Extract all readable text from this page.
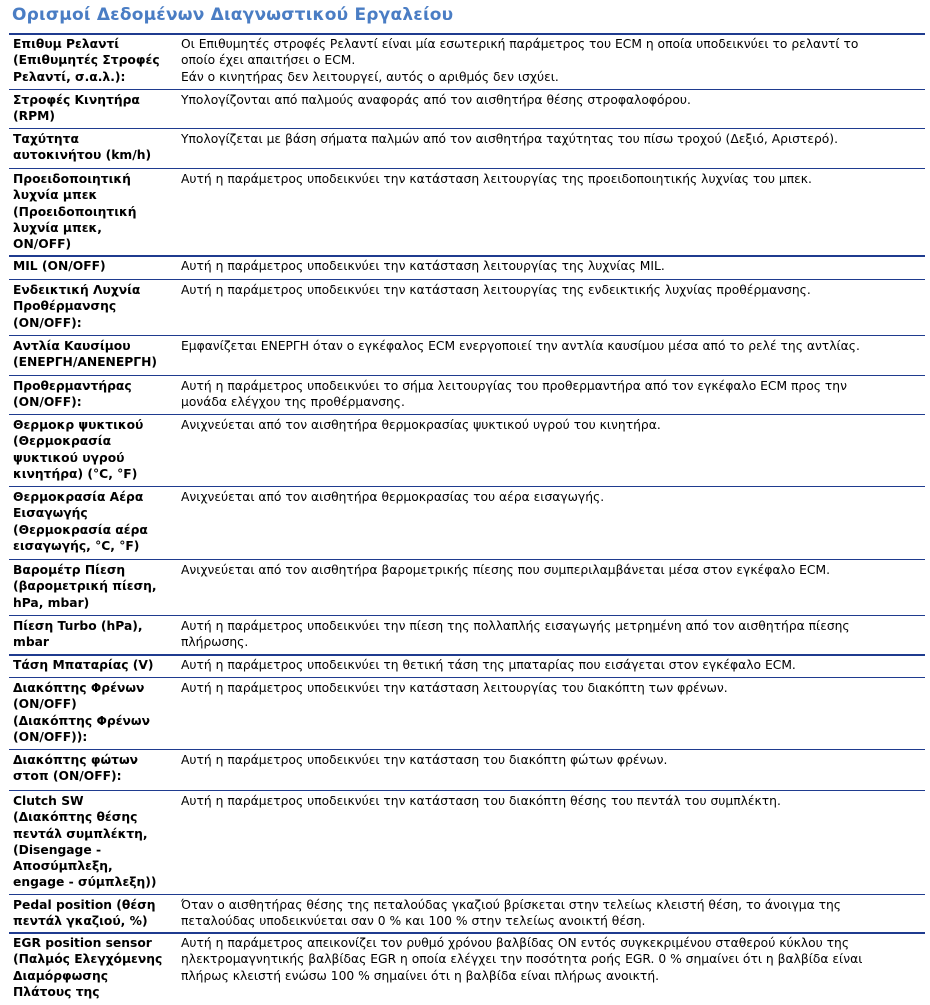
Ορισμοί Δεδομένων Διαγνωστικού Εργαλείου
Επιθυμ Ρελαντί
(Επιθυμητές Στροφές
Ρελαντί, σ.α.λ.):
Οι Επιθυμητές στροφές Ρελαντί είναι μία εσωτερική παράμετρος του ECM η οποία υποδεικνύει το ρελαντί το
οποίο έχει απαιτήσει ο ECM.
Εάν ο κινητήρας δεν λειτουργεί, αυτός ο αριθμός δεν ισχύει.
Στροφές Κινητήρα
(RPM)
Υπολογίζονται από παλμούς αναφοράς από τον αισθητήρα θέσης στροφαλοφόρου.
Ταχύτητα
αυτοκινήτου (km/h)
Υπολογίζεται με βάση σήματα παλμών από τον αισθητήρα ταχύτητας του πίσω τροχού (Δεξιό, Αριστερό).
Προειδοποιητική
λυχνία μπεκ
(Προειδοποιητική
λυχνία μπεκ,
ON/OFF)
Αυτή η παράμετρος υποδεικνύει την κατάσταση λειτουργίας της προειδοποιητικής λυχνίας του μπεκ.
MIL (ON/OFF)	Αυτή η παράμετρος υποδεικνύει την κατάσταση λειτουργίας της λυχνίας MIL.
Ενδεικτική Λυχνία
Προθέρμανσης
(ON/OFF):
Αυτή η παράμετρος υποδεικνύει την κατάσταση λειτουργίας της ενδεικτικής λυχνίας προθέρμανσης.
Αντλία Καυσίμου
(ΕΝΕΡΓΗ/ΑΝΕΝΕΡΓΗ)
Εμφανίζεται ΕΝΕΡΓΗ όταν ο εγκέφαλος ECM ενεργοποιεί την αντλία καυσίμου μέσα από το ρελέ της αντλίας.
Προθερμαντήρας
(ON/OFF):
Αυτή η παράμετρος υποδεικνύει το σήμα λειτουργίας του προθερμαντήρα από τον εγκέφαλο ECM προς την
μονάδα ελέγχου της προθέρμανσης.
Θερμοκρ ψυκτικού
(Θερμοκρασία
ψυκτικού υγρού
κινητήρα) (°C, °F)
Ανιχνεύεται από τον αισθητήρα θερμοκρασίας ψυκτικού υγρού του κινητήρα.
Θερμοκρασία Αέρα
Εισαγωγής
(Θερμοκρασία αέρα
εισαγωγής, °C, °F)
Ανιχνεύεται από τον αισθητήρα θερμοκρασίας του αέρα εισαγωγής.
Βαρομέτρ Πίεση
(βαρομετρική πίεση,
hPa, mbar)
Ανιχνεύεται από τον αισθητήρα βαρομετρικής πίεσης που συμπεριλαμβάνεται μέσα στον εγκέφαλο ECM.
Πίεση Turbo (hPa),
mbar
Αυτή η παράμετρος υποδεικνύει την πίεση της πολλαπλής εισαγωγής μετρημένη από τον αισθητήρα πίεσης
πλήρωσης.
Τάση Μπαταρίας (V)	Αυτή η παράμετρος υποδεικνύει τη θετική τάση της μπαταρίας που εισάγεται στον εγκέφαλο ECM.
Διακόπτης Φρένων
(ON/OFF)
(Διακόπτης Φρένων
(ON/OFF)):
Αυτή η παράμετρος υποδεικνύει την κατάσταση λειτουργίας του διακόπτη των φρένων.
Διακόπτης φώτων
στοπ (ON/OFF):
Αυτή η παράμετρος υποδεικνύει την κατάσταση του διακόπτη φώτων φρένων.
Clutch SW
(Διακόπτης θέσης
πεντάλ συμπλέκτη,
(Disengage -
Αποσύμπλεξη,
engage - σύμπλεξη))
Αυτή η παράμετρος υποδεικνύει την κατάσταση του διακόπτη θέσης του πεντάλ του συμπλέκτη.
Pedal position (θέση
πεντάλ γκαζιού, %)
Όταν ο αισθητήρας θέσης της πεταλούδας γκαζιού βρίσκεται στην τελείως κλειστή θέση, το άνοιγμα της
πεταλούδας υποδεικνύεται σαν 0 % και 100 % στην τελείως ανοικτή θέση.
EGR position sensor
(Παλμός Ελεγχόμενης
Διαμόρφωσης
Πλάτους της
Αυτή η παράμετρος απεικονίζει τον ρυθμό χρόνου βαλβίδας ON εντός συγκεκριμένου σταθερού κύκλου της
ηλεκτρομαγνητικής βαλβίδας EGR η οποία ελέγχει την ποσότητα ροής EGR. 0 % σημαίνει ότι η βαλβίδα είναι
πλήρως κλειστή ενώσω 100 % σημαίνει ότι η βαλβίδα είναι πλήρως ανοικτή.
